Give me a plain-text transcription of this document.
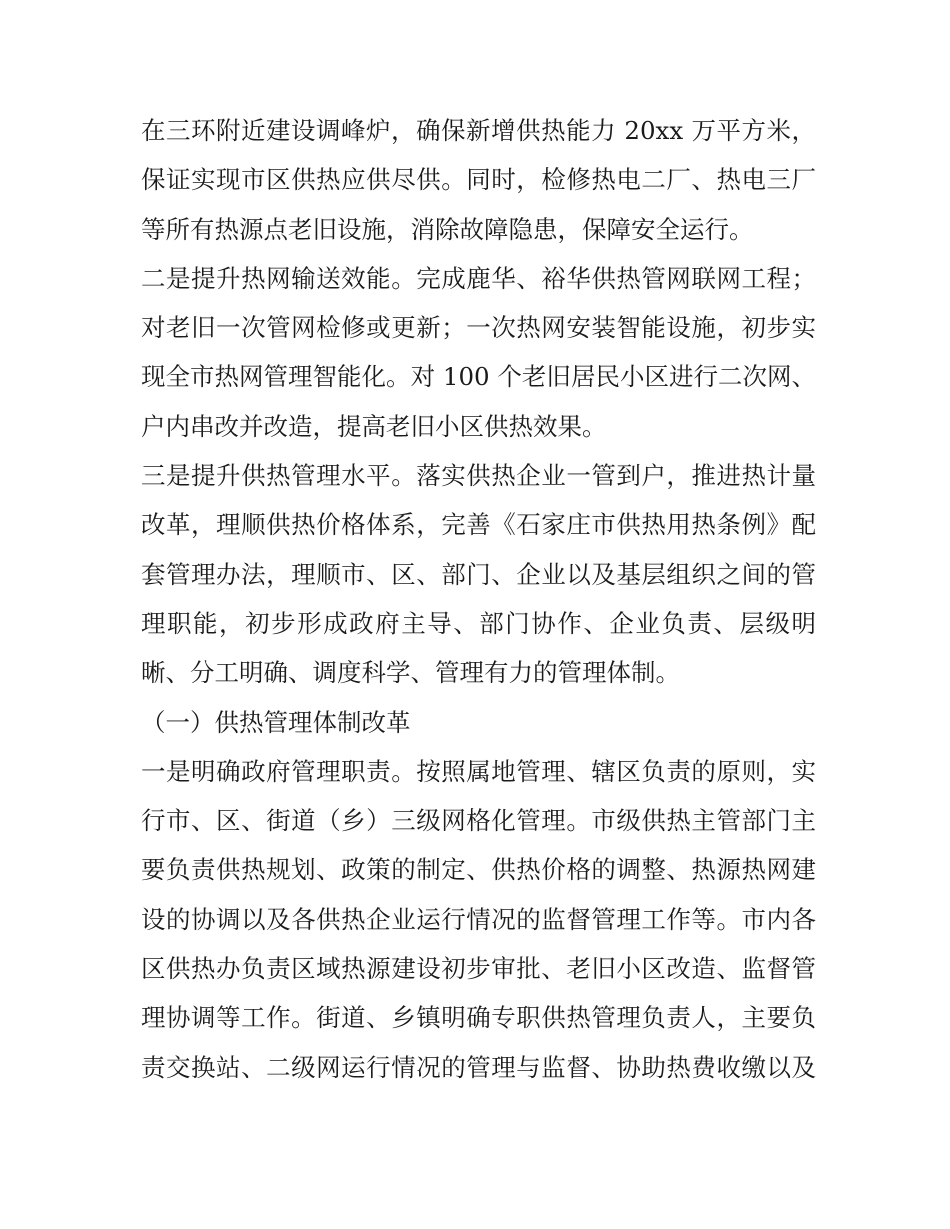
在三环附近建设调峰炉，确保新增供热能力 20xx 万平方米，
保证实现市区供热应供尽供。同时，检修热电二厂、热电三厂
等所有热源点老旧设施，消除故障隐患，保障安全运行。
二是提升热网输送效能。完成鹿华、裕华供热管网联网工程；
对老旧一次管网检修或更新；一次热网安装智能设施，初步实
现全市热网管理智能化。对 100 个老旧居民小区进行二次网、
户内串改并改造，提高老旧小区供热效果。
三是提升供热管理水平。落实供热企业一管到户，推进热计量
改革，理顺供热价格体系，完善《石家庄市供热用热条例》配
套管理办法，理顺市、区、部门、企业以及基层组织之间的管
理职能，初步形成政府主导、部门协作、企业负责、层级明
晰、分工明确、调度科学、管理有力的管理体制。
（一）供热管理体制改革
一是明确政府管理职责。按照属地管理、辖区负责的原则，实
行市、区、街道（乡）三级网格化管理。市级供热主管部门主
要负责供热规划、政策的制定、供热价格的调整、热源热网建
设的协调以及各供热企业运行情况的监督管理工作等。市内各
区供热办负责区域热源建设初步审批、老旧小区改造、监督管
理协调等工作。街道、乡镇明确专职供热管理负责人，主要负
责交换站、二级网运行情况的管理与监督、协助热费收缴以及
